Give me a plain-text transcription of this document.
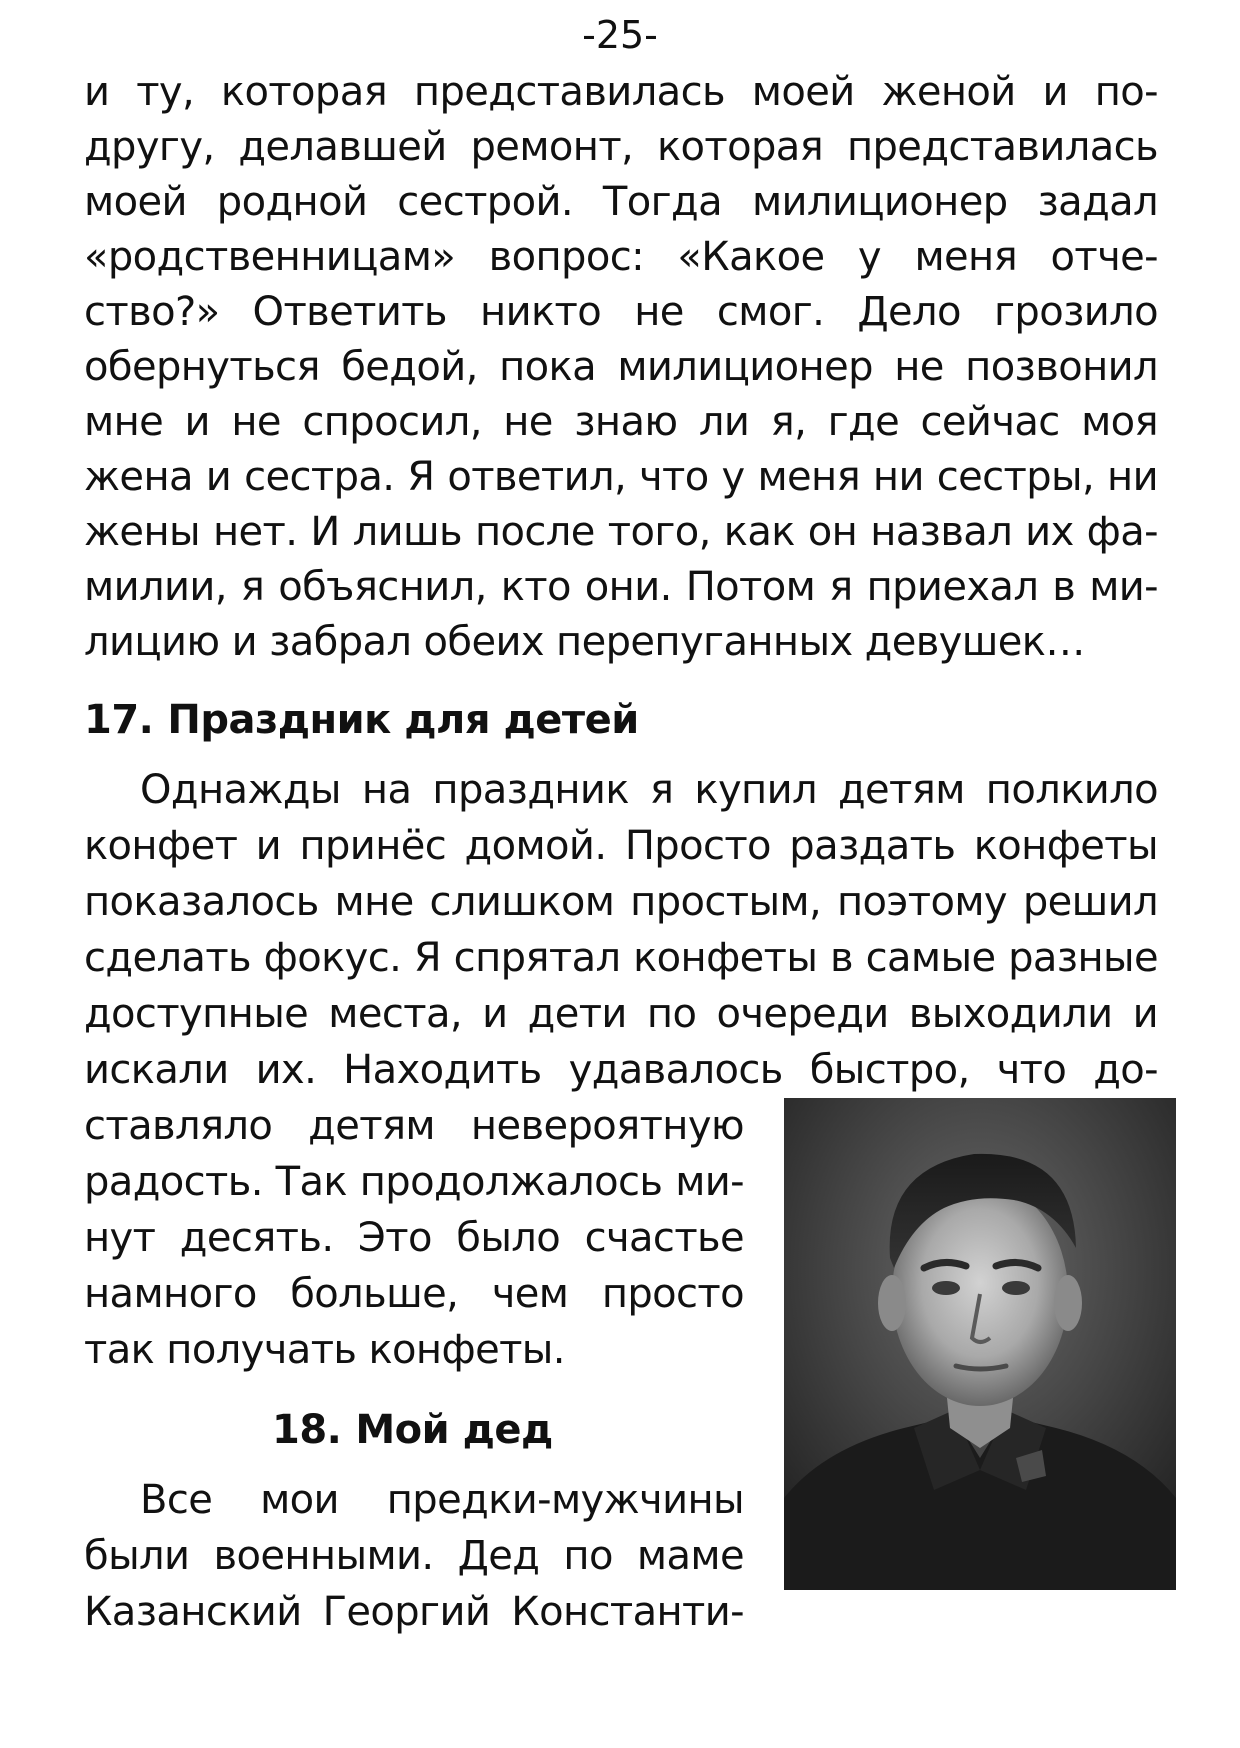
-25-
и ту, которая представилась моей женой и по-
другу, делавшей ремонт, которая представилась
моей родной сестрой. Тогда милиционер задал
«родственницам» вопрос: «Какое у меня отче-
ство?» Ответить никто не смог. Дело грозило
обернуться бедой, пока милиционер не позвонил
мне и не спросил, не знаю ли я, где сейчас моя
жена и сестра. Я ответил, что у меня ни сестры, ни
жены нет. И лишь после того, как он назвал их фа-
милии, я объяснил, кто они. Потом я приехал в ми-
лицию и забрал обеих перепуганных девушек…
17. Праздник для детей
Однажды на праздник я купил детям полкило
конфет и принёс домой. Просто раздать конфеты
показалось мне слишком простым, поэтому решил
сделать фокус. Я спрятал конфеты в самые разные
доступные места, и дети по очереди выходили и
искали их. Находить удавалось быстро, что до-
ставляло детям невероятную
радость. Так продолжалось ми-
нут десять. Это было счастье
намного больше, чем просто
так получать конфеты.
18. Мой дед
Все мои предки-мужчины
были военными. Дед по маме
Казанский Георгий Константи-
